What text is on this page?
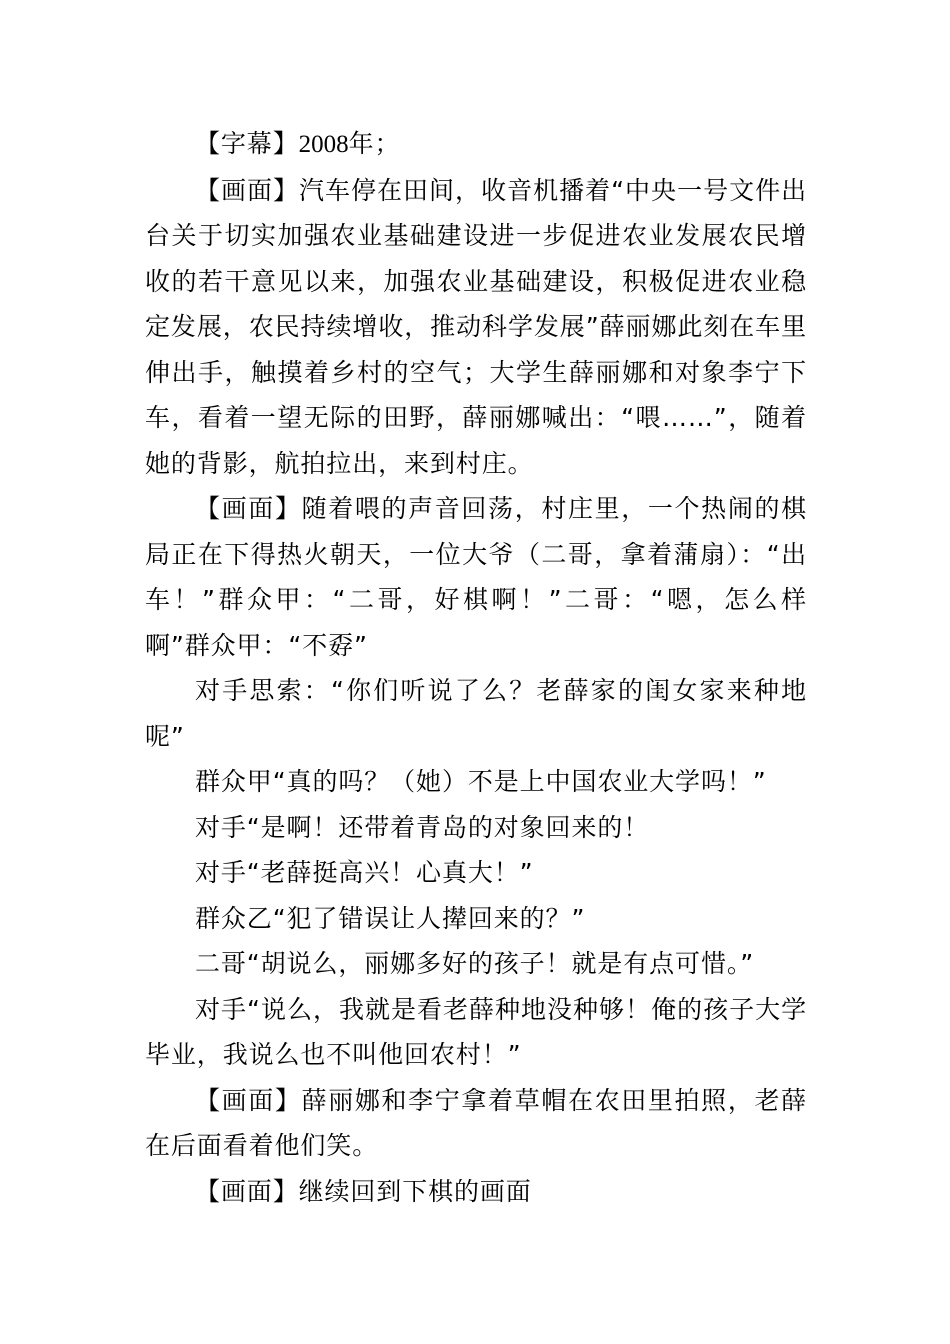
【字幕】2008年；

【画面】汽车停在田间，收音机播着“中央一号文件出台关于切实加强农业基础建设进一步促进农业发展农民增收的若干意见以来，加强农业基础建设，积极促进农业稳定发展，农民持续增收，推动科学发展”薛丽娜此刻在车里伸出手，触摸着乡村的空气；大学生薛丽娜和对象李宁下车，看着一望无际的田野，薛丽娜喊出：“喂……”，随着她的背影，航拍拉出，来到村庄。

【画面】随着喂的声音回荡，村庄里，一个热闹的棋局正在下得热火朝天，一位大爷（二哥，拿着蒲扇）：“出车！”群众甲：“二哥，好棋啊！”二哥：“嗯，怎么样啊”群众甲：“不孬”

对手思索：“你们听说了么？老薛家的闺女家来种地呢”

群众甲“真的吗？（她）不是上中国农业大学吗！”

对手“是啊！还带着青岛的对象回来的！

对手“老薛挺高兴！心真大！”

群众乙“犯了错误让人撵回来的？”

二哥“胡说么，丽娜多好的孩子！就是有点可惜。”

对手“说么，我就是看老薛种地没种够！俺的孩子大学毕业，我说么也不叫他回农村！”

【画面】薛丽娜和李宁拿着草帽在农田里拍照，老薛在后面看着他们笑。

【画面】继续回到下棋的画面
